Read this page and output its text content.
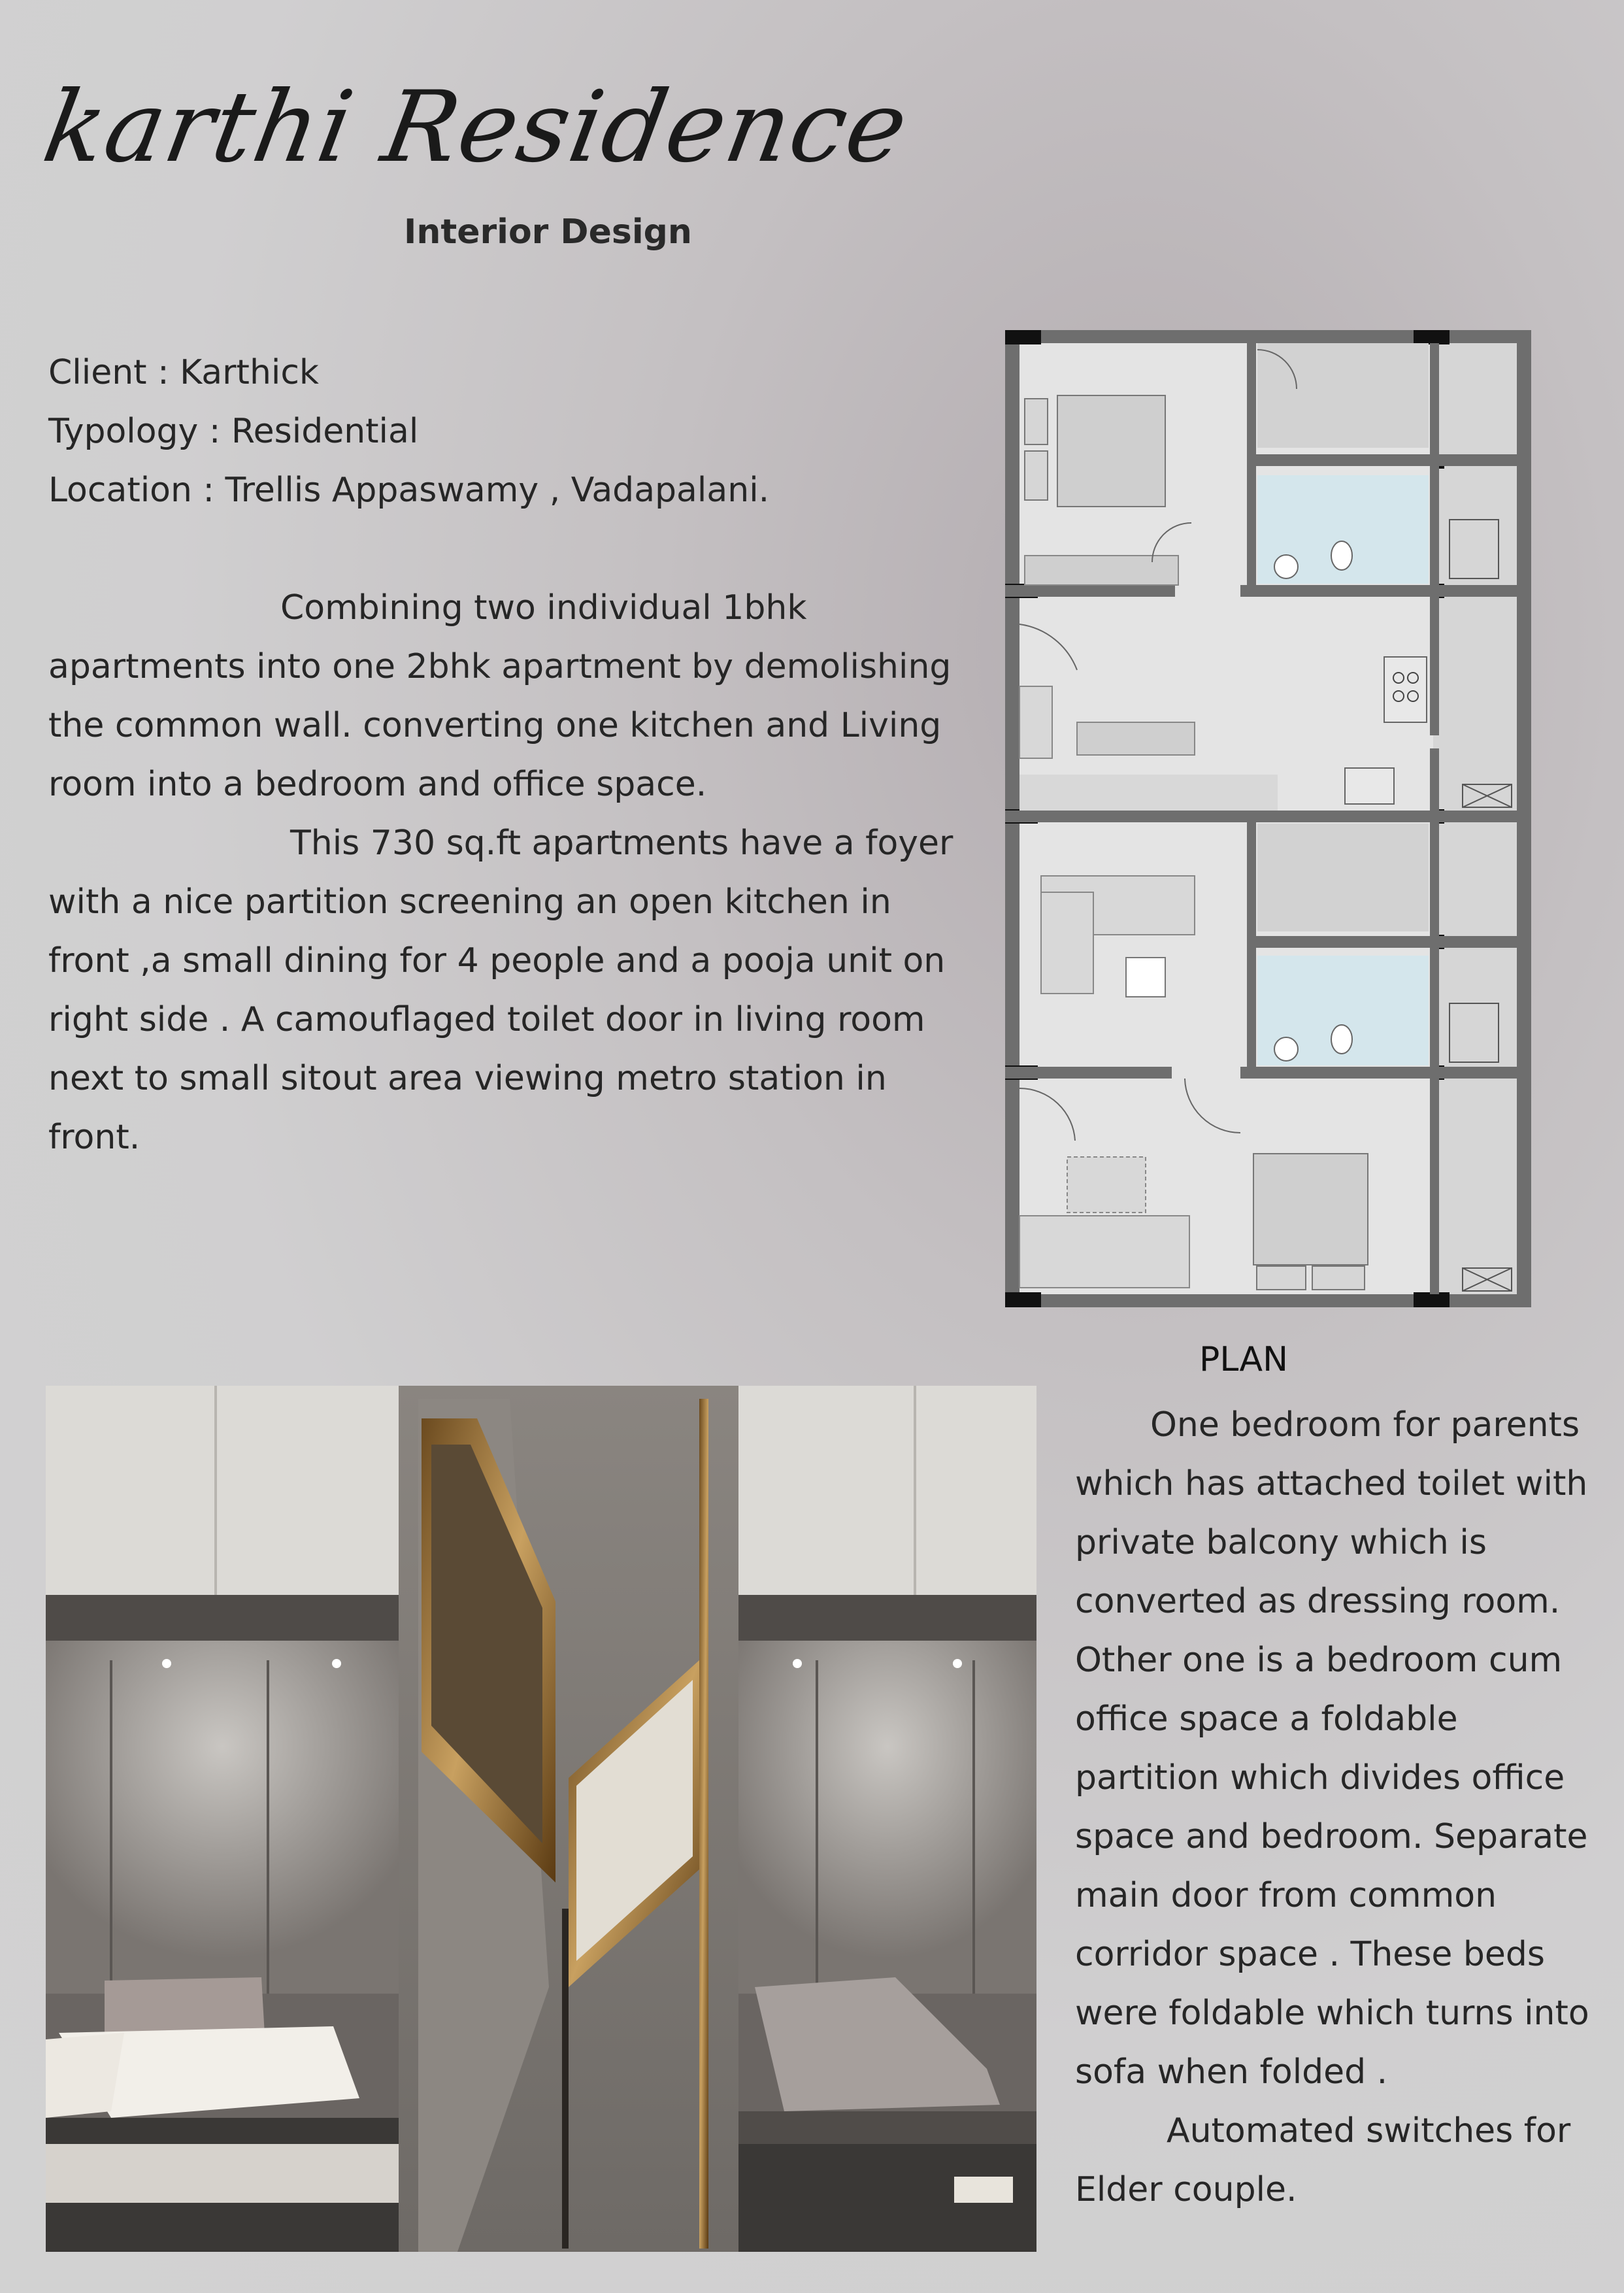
karthi Residence
Interior Design
Client : Karthick
Typology : Residential
Location : Trellis Appaswamy , Vadapalani.

Combining two individual 1bhk apartments into one 2bhk apartment by demolishing the common wall. converting one kitchen and Living room into a bedroom and office space.

This 730 sq.ft apartments have a foyer with a nice partition screening an open kitchen in front ,a small dining for 4 people and a pooja unit on right side . A camouflaged toilet door in living room next to small sitout area viewing metro station in front.

PLAN

One bedroom for parents which has attached toilet with private balcony which is converted as dressing room. Other one is a bedroom cum office space a foldable partition which divides office space and bedroom. Separate main door from common corridor space . These beds were foldable which turns into sofa when folded .

Automated switches for Elder couple.
